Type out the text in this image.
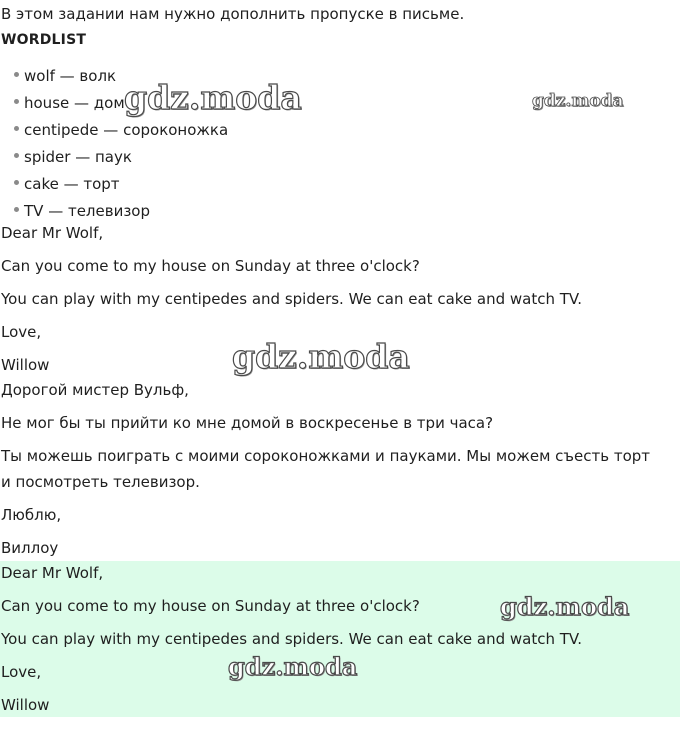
В этом задании нам нужно дополнить пропуске в письме.
WORDLIST
wolf — волк
house — дом
centipede — сороконожка
spider — паук
cake — торт
TV — телевизор
Dear Mr Wolf,
Can you come to my house on Sunday at three o'clock?
You can play with my centipedes and spiders. We can eat cake and watch TV.
Love,
Willow
Дорогой мистер Вульф,
Не мог бы ты прийти ко мне домой в воскресенье в три часа?
Ты можешь поиграть с моими сороконожками и пауками. Мы можем съесть торт и посмотреть телевизор.
Люблю,
Виллоу
Dear Mr Wolf,
Can you come to my house on Sunday at three o'clock?
You can play with my centipedes and spiders. We can eat cake and watch TV.
Love,
Willow
gdz.moda	gdz.moda
gdz.moda
gdz.moda
gdz.moda
